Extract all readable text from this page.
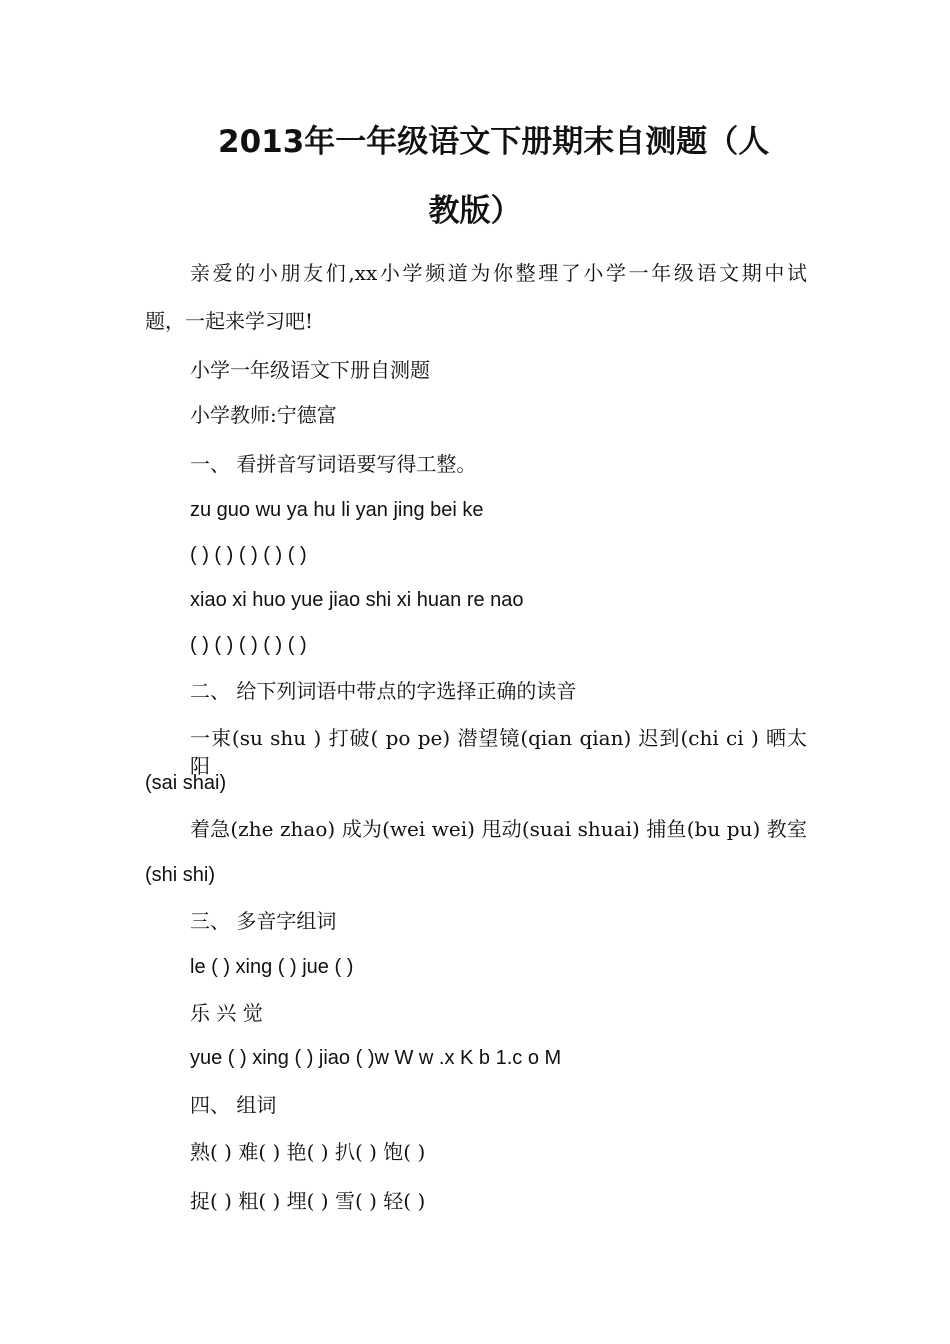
2013年一年级语文下册期末自测题（人
教版）
亲爱的小朋友们,xx小学频道为你整理了小学一年级语文期中试
题，一起来学习吧!
小学一年级语文下册自测题
小学教师:宁德富
一、 看拼音写词语要写得工整。
zu guo wu ya hu li yan jing bei ke
( ) ( ) ( ) ( ) ( )
xiao xi huo yue jiao shi xi huan re nao
( ) ( ) ( ) ( ) ( )
二、 给下列词语中带点的字选择正确的读音
一束(su shu ) 打破( po pe) 潜望镜(qian qian) 迟到(chi ci ) 晒太阳
(sai shai)
着急(zhe zhao) 成为(wei wei) 甩动(suai shuai) 捕鱼(bu pu) 教室
(shi shi)
三、 多音字组词
le ( ) xing ( ) jue ( )
乐 兴 觉
yue ( ) xing ( ) jiao ( )w W w .x K b 1.c o M
四、 组词
熟( ) 难( ) 艳( ) 扒( ) 饱( )
捉( ) 粗( ) 埋( ) 雪( ) 轻( )
